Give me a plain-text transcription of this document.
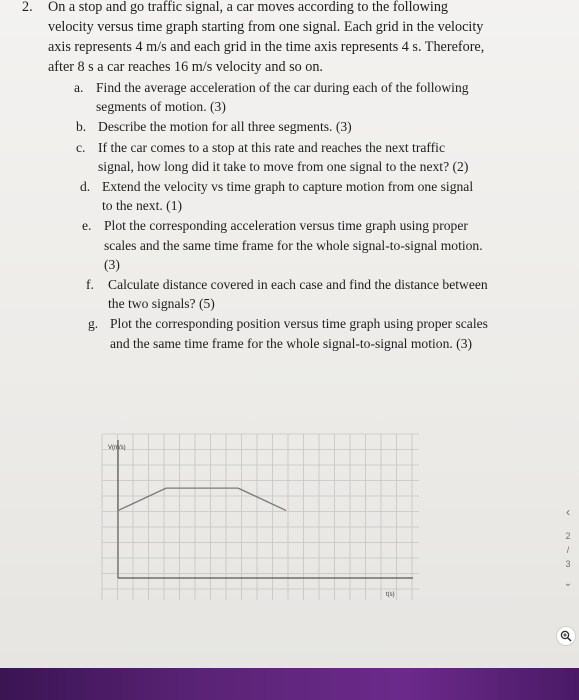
2. On a stop and go traffic signal, a car moves according to the following
velocity versus time graph starting from one signal. Each grid in the velocity
axis represents 4 m/s and each grid in the time axis represents 4 s. Therefore,
after 8 s a car reaches 16 m/s velocity and so on.
a. Find the average acceleration of the car during each of the following
segments of motion. (3)
b. Describe the motion for all three segments. (3)
c. If the car comes to a stop at this rate and reaches the next traffic
signal, how long did it take to move from one signal to the next? (2)
d. Extend the velocity vs time graph to capture motion from one signal
to the next. (1)
e. Plot the corresponding acceleration versus time graph using proper
scales and the same time frame for the whole signal-to-signal motion.
(3)
f. Calculate distance covered in each case and find the distance between
the two signals? (5)
g. Plot the corresponding position versus time graph using proper scales
and the same time frame for the whole signal-to-signal motion. (3)
V(m/s)
t(s)
‹
2
/
3
⌄
